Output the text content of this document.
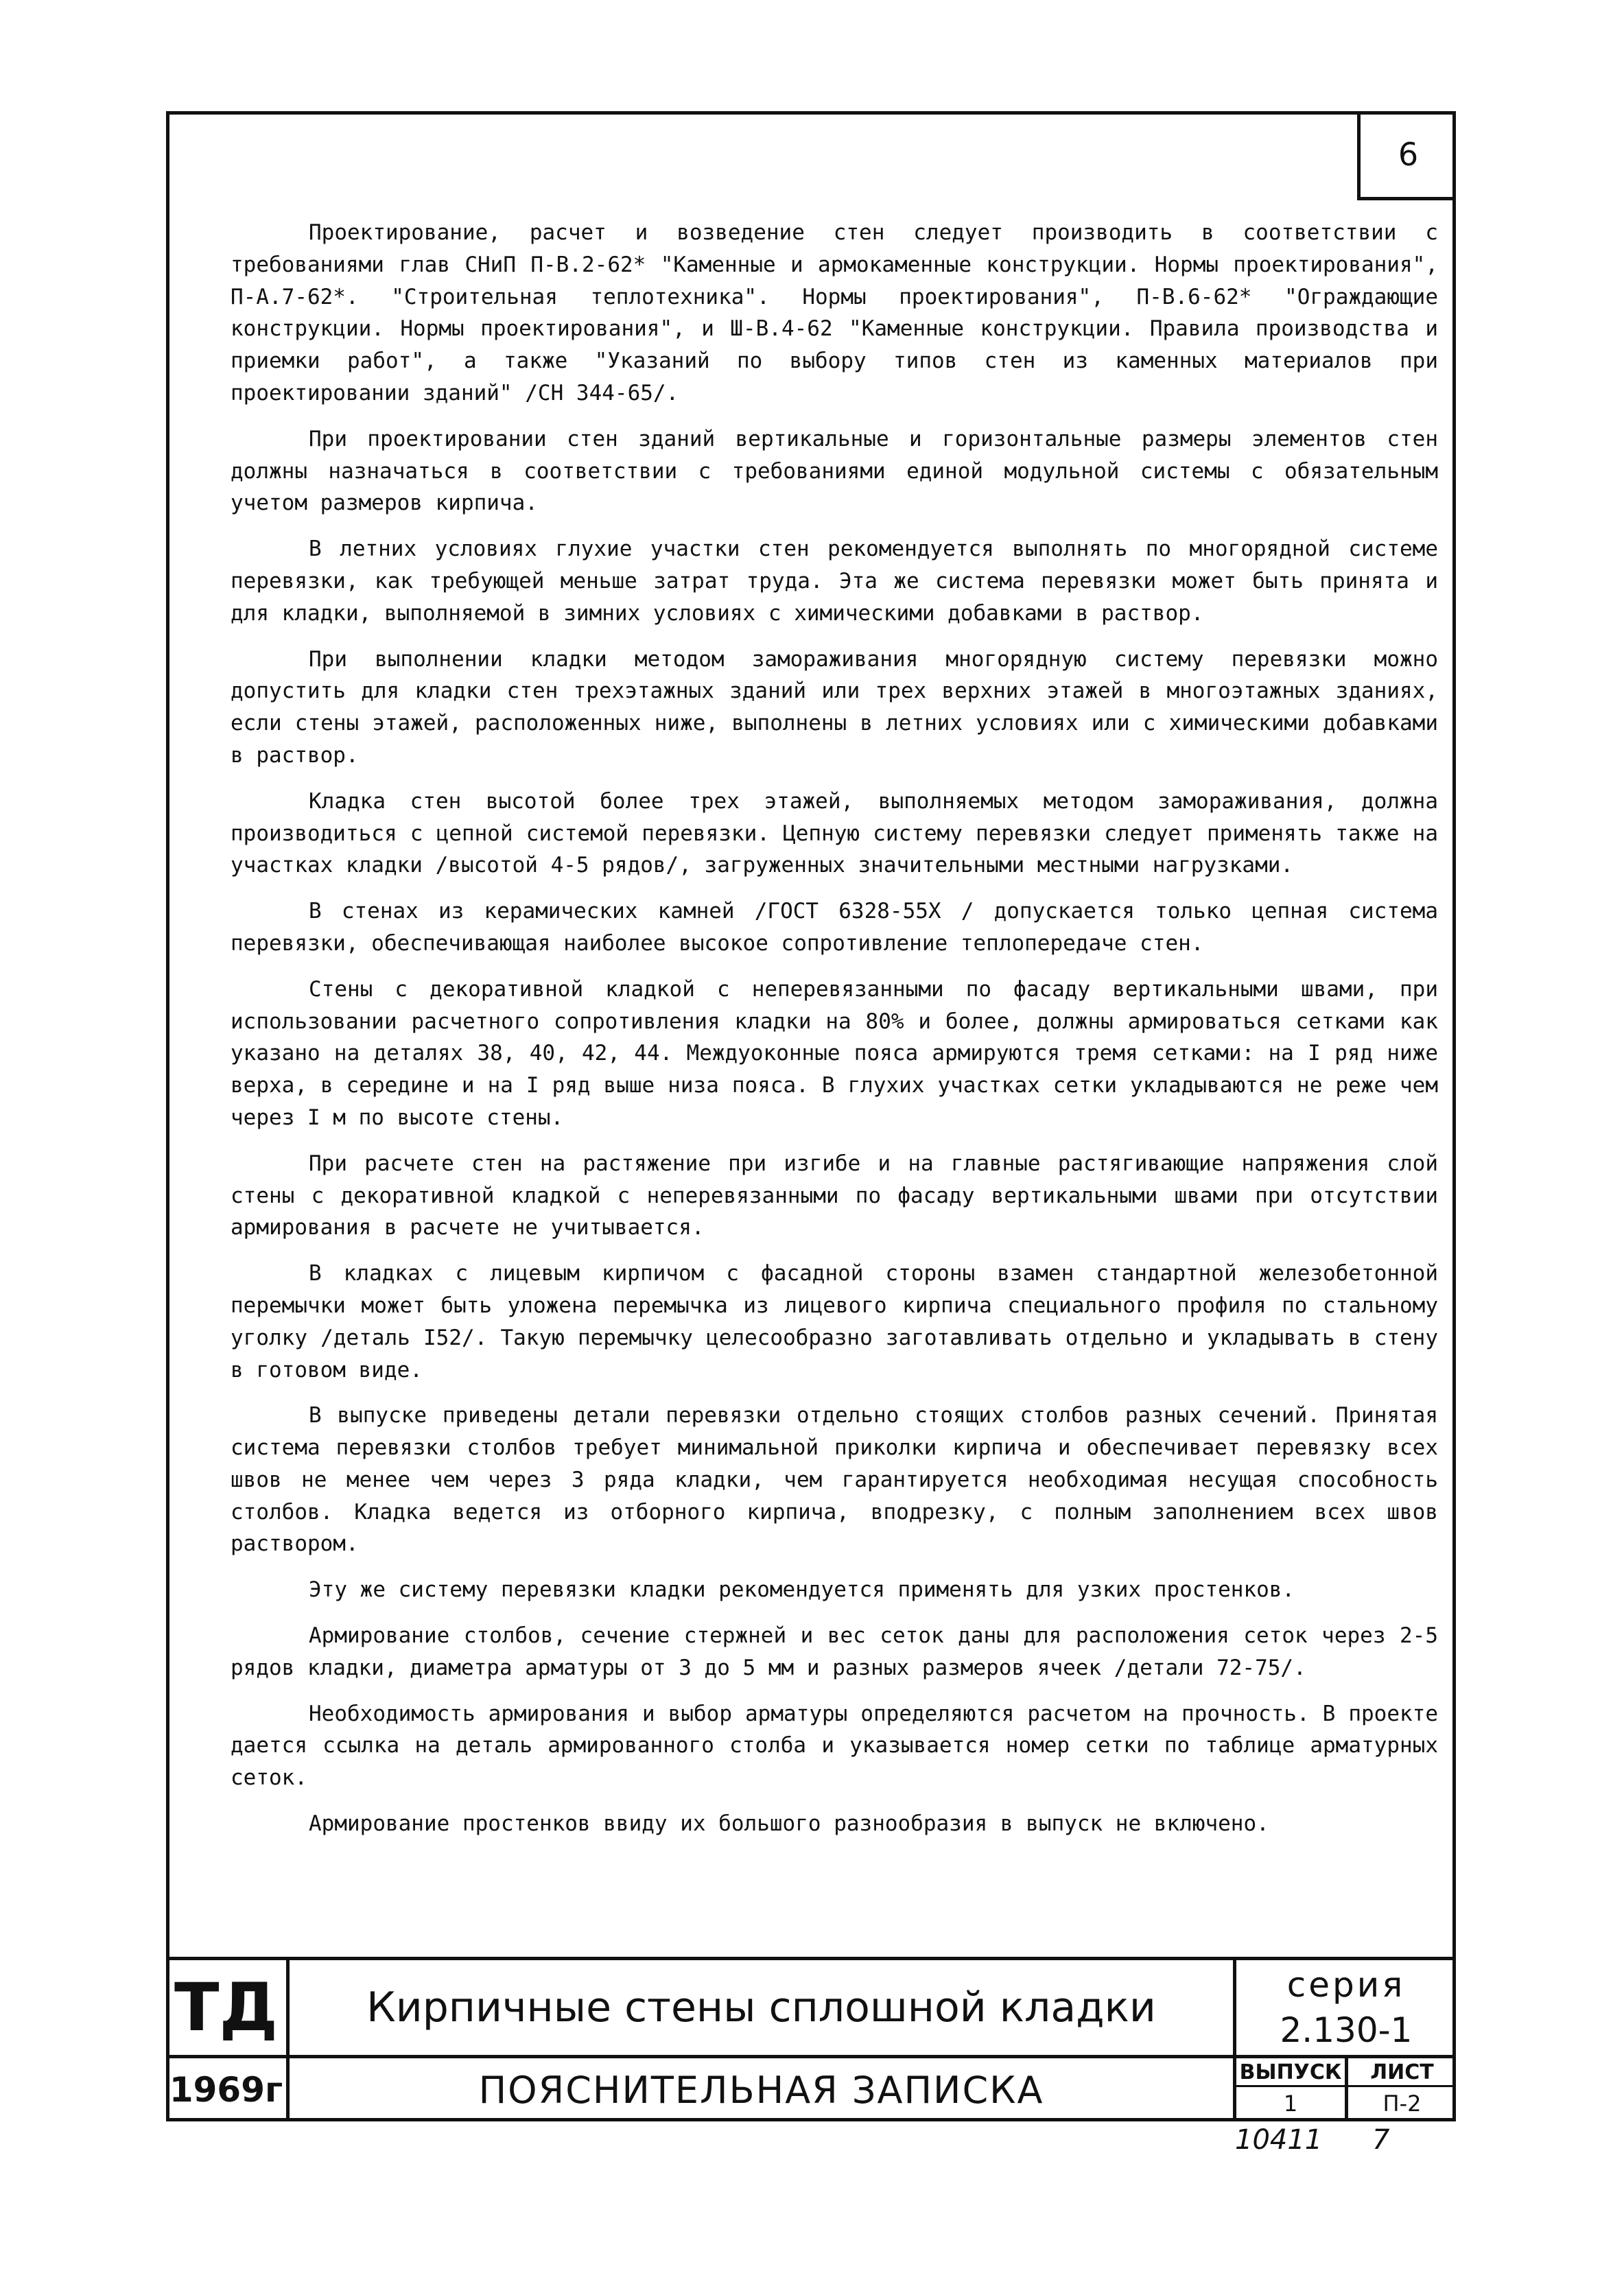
6

Проектирование, расчет и возведение стен следует производить в соответствии с требованиями глав СНиП П-В.2-62* "Каменные и армокаменные конструкции. Нормы проектирования", П-А.7-62*. "Строительная теплотехника". Нормы проектирования", П-В.6-62* "Ограждающие конструкции. Нормы проектирования", и Ш-В.4-62 "Каменные конструкции. Правила производства и приемки работ", а также "Указаний по выбору типов стен из каменных материалов при проектировании зданий" /СН 344-65/.

При проектировании стен зданий вертикальные и горизонтальные размеры элементов стен должны назначаться в соответствии с требованиями единой модульной системы с обязательным учетом размеров кирпича.

В летних условиях глухие участки стен рекомендуется выполнять по многорядной системе перевязки, как требующей меньше затрат труда. Эта же система перевязки может быть принята и для кладки, выполняемой в зимних условиях с химическими добавками в раствор.

При выполнении кладки методом замораживания многорядную систему перевязки можно допустить для кладки стен трехэтажных зданий или трех верхних этажей в многоэтажных зданиях, если стены этажей, расположенных ниже, выполнены в летних условиях или с химическими добавками в раствор.

Кладка стен высотой более трех этажей, выполняемых методом замораживания, должна производиться с цепной системой перевязки. Цепную систему перевязки следует применять также на участках кладки /высотой 4-5 рядов/, загруженных значительными местными нагрузками.

В стенах из керамических камней /ГОСТ 6328-55X / допускается только цепная система перевязки, обеспечивающая наиболее высокое сопротивление теплопередаче стен.

Стены с декоративной кладкой с неперевязанными по фасаду вертикальными швами, при использовании расчетного сопротивления кладки на 80% и более, должны армироваться сетками как указано на деталях 38, 40, 42, 44. Междуоконные пояса армируются тремя сетками: на I ряд ниже верха, в середине и на I ряд выше низа пояса. В глухих участках сетки укладываются не реже чем через I м по высоте стены.

При расчете стен на растяжение при изгибе и на главные растягивающие напряжения слой стены с декоративной кладкой с неперевязанными по фасаду вертикальными швами при отсутствии армирования в расчете не учитывается.

В кладках с лицевым кирпичом с фасадной стороны взамен стандартной железобетонной перемычки может быть уложена перемычка из лицевого кирпича специального профиля по стальному уголку /деталь I52/. Такую перемычку целесообразно заготавливать отдельно и укладывать в стену в готовом виде.

В выпуске приведены детали перевязки отдельно стоящих столбов разных сечений. Принятая система перевязки столбов требует минимальной приколки кирпича и обеспечивает перевязку всех швов не менее чем через 3 ряда кладки, чем гарантируется необходимая несущая способность столбов. Кладка ведется из отборного кирпича, вподрезку, с полным заполнением всех швов раствором.

Эту же систему перевязки кладки рекомендуется применять для узких простенков.

Армирование столбов, сечение стержней и вес сеток даны для расположения сеток через 2-5 рядов кладки, диаметра арматуры от 3 до 5 мм и разных размеров ячеек /детали 72-75/.

Необходимость армирования и выбор арматуры определяются расчетом на прочность. В проекте дается ссылка на деталь армированного столба и указывается номер сетки по таблице арматурных сеток.

Армирование простенков ввиду их большого разнообразия в выпуск не включено.

ТД
1969г
Кирпичные стены сплошной кладки
ПОЯСНИТЕЛЬНАЯ ЗАПИСКА
серия
2.130-1
ВЫПУСК
1
ЛИСТ
П-2
10411 7
